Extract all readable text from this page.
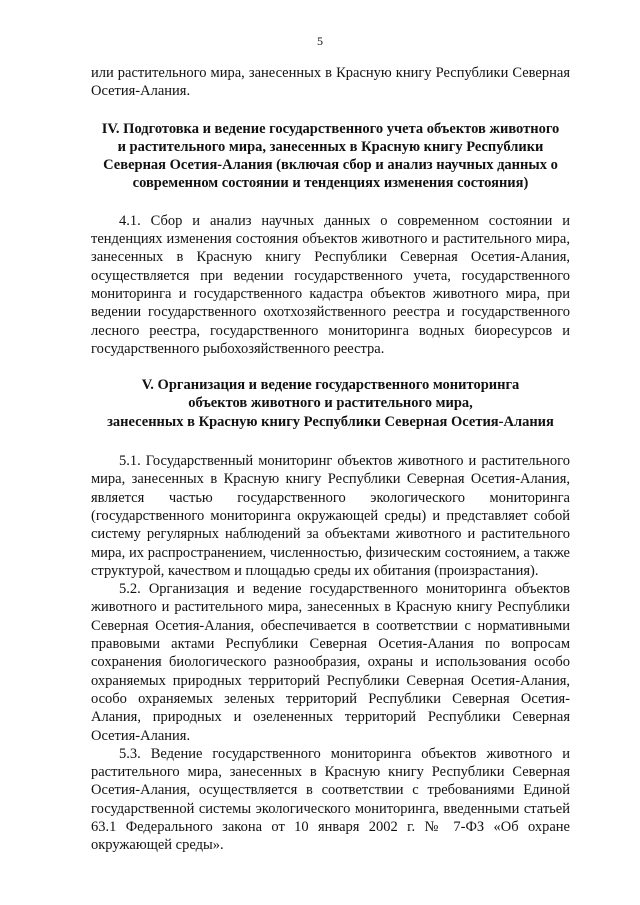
5

или растительного мира, занесенных в Красную книгу Республики Северная Осетия-Алания.

IV. Подготовка и ведение государственного учета объектов животного и растительного мира, занесенных в Красную книгу Республики Северная Осетия-Алания (включая сбор и анализ научных данных о современном состоянии и тенденциях изменения состояния)

4.1. Сбор и анализ научных данных о современном состоянии и тенденциях изменения состояния объектов животного и растительного мира, занесенных в Красную книгу Республики Северная Осетия-Алания, осуществляется при ведении государственного учета, государственного мониторинга и государственного кадастра объектов животного мира, при ведении государственного охотхозяйственного реестра и государственного лесного реестра, государственного мониторинга водных биоресурсов и государственного рыбохозяйственного реестра.

V. Организация и ведение государственного мониторинга
объектов животного и растительного мира,
занесенных в Красную книгу Республики Северная Осетия-Алания

5.1. Государственный мониторинг объектов животного и растительного мира, занесенных в Красную книгу Республики Северная Осетия-Алания, является частью государственного экологического мониторинга (государственного мониторинга окружающей среды) и представляет собой систему регулярных наблюдений за объектами животного и растительного мира, их распространением, численностью, физическим состоянием, а также структурой, качеством и площадью среды их обитания (произрастания).

5.2. Организация и ведение государственного мониторинга объектов животного и растительного мира, занесенных в Красную книгу Республики Северная Осетия-Алания, обеспечивается в соответствии с нормативными правовыми актами Республики Северная Осетия-Алания по вопросам сохранения биологического разнообразия, охраны и использования особо охраняемых природных территорий Республики Северная Осетия-Алания, особо охраняемых зеленых территорий Республики Северная Осетия-Алания, природных и озелененных территорий Республики Северная Осетия-Алания.

5.3. Ведение государственного мониторинга объектов животного и растительного мира, занесенных в Красную книгу Республики Северная Осетия-Алания, осуществляется в соответствии с требованиями Единой государственной системы экологического мониторинга, введенными статьей 63.1 Федерального закона от 10 января 2002 г. № 7-ФЗ «Об охране окружающей среды».
